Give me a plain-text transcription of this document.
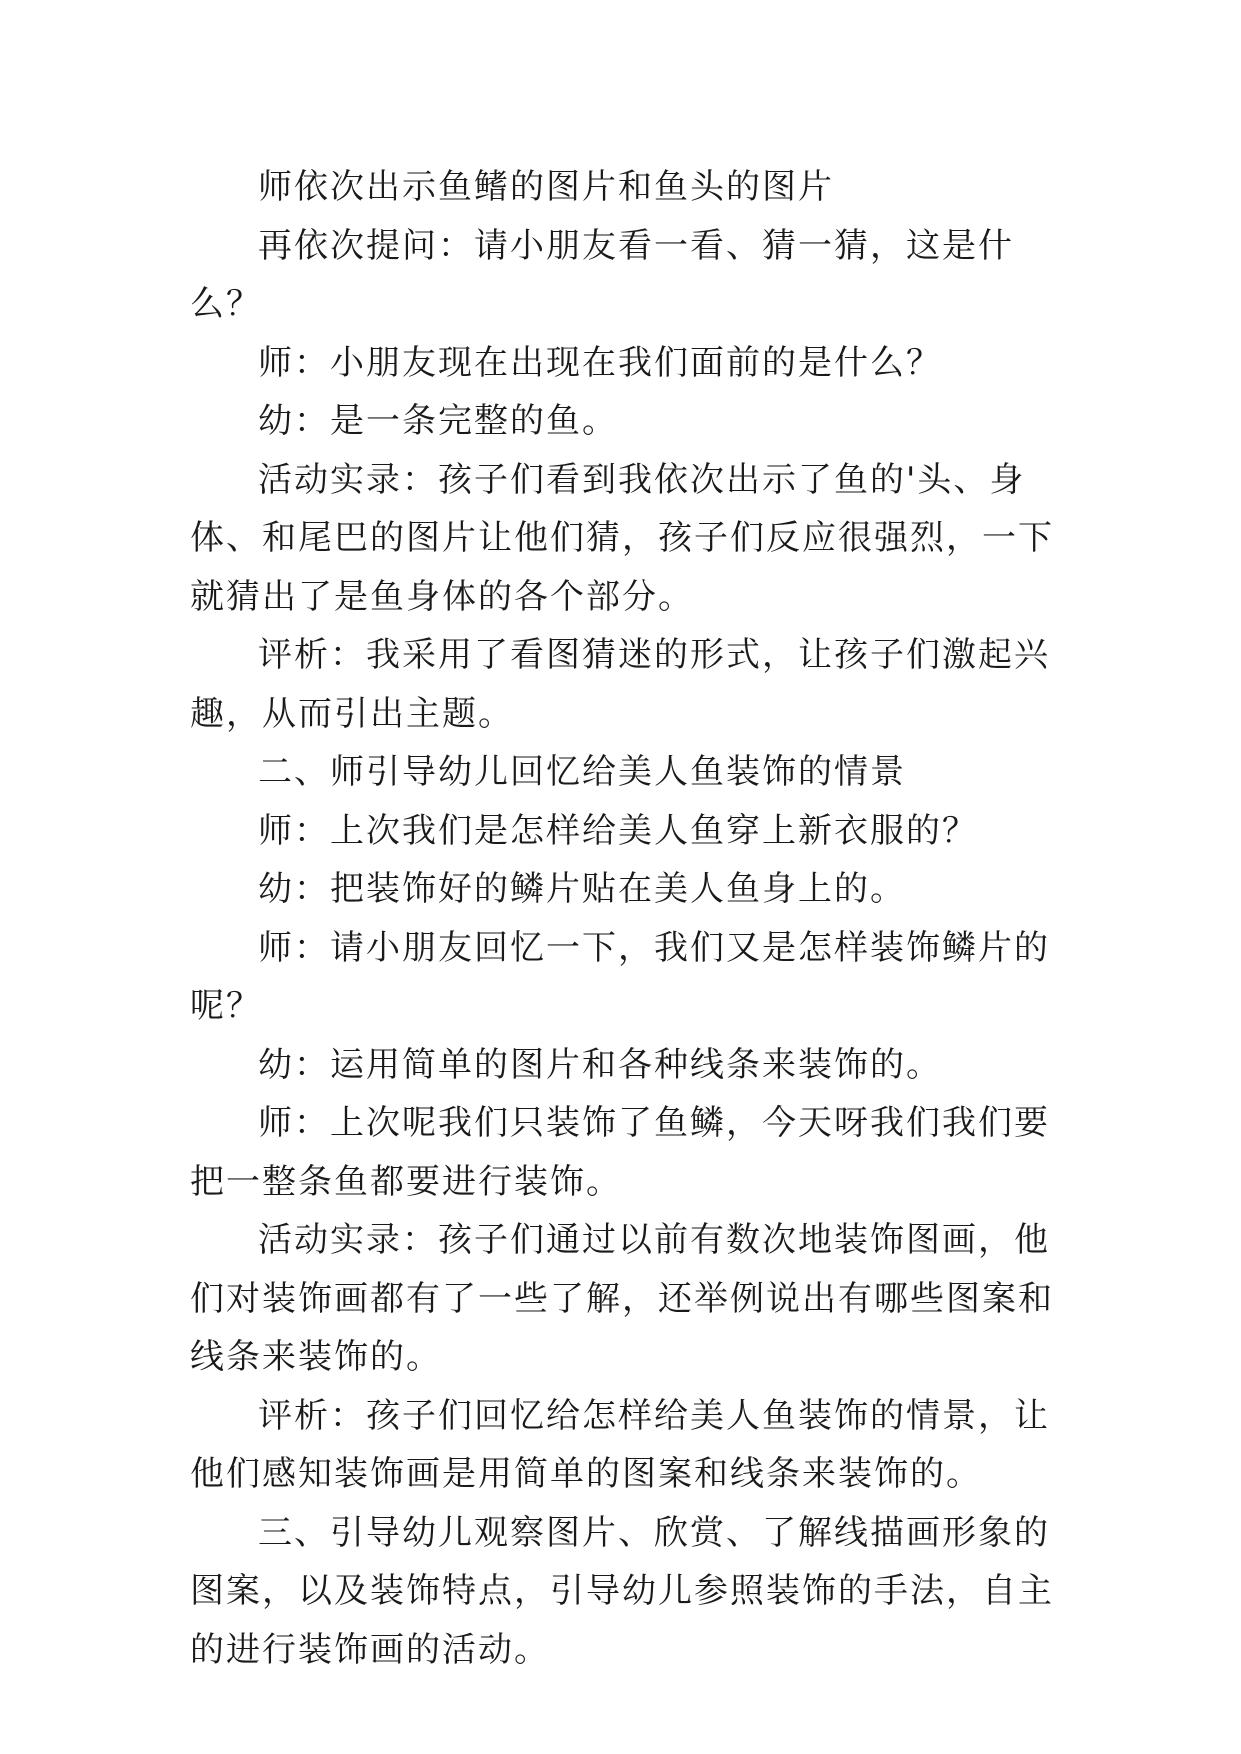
师依次出示鱼鳍的图片和鱼头的图片

再依次提问：请小朋友看一看、猜一猜，这是什么？

师：小朋友现在出现在我们面前的是什么？

幼：是一条完整的鱼。

活动实录：孩子们看到我依次出示了鱼的'头、身体、和尾巴的图片让他们猜，孩子们反应很强烈，一下就猜出了是鱼身体的各个部分。

评析：我采用了看图猜迷的形式，让孩子们激起兴趣，从而引出主题。

二、师引导幼儿回忆给美人鱼装饰的情景

师：上次我们是怎样给美人鱼穿上新衣服的？

幼：把装饰好的鳞片贴在美人鱼身上的。

师：请小朋友回忆一下，我们又是怎样装饰鳞片的呢？

幼：运用简单的图片和各种线条来装饰的。

师：上次呢我们只装饰了鱼鳞，今天呀我们我们要把一整条鱼都要进行装饰。

活动实录：孩子们通过以前有数次地装饰图画，他们对装饰画都有了一些了解，还举例说出有哪些图案和线条来装饰的。

评析：孩子们回忆给怎样给美人鱼装饰的情景，让他们感知装饰画是用简单的图案和线条来装饰的。

三、引导幼儿观察图片、欣赏、了解线描画形象的图案，以及装饰特点，引导幼儿参照装饰的手法，自主的进行装饰画的活动。
